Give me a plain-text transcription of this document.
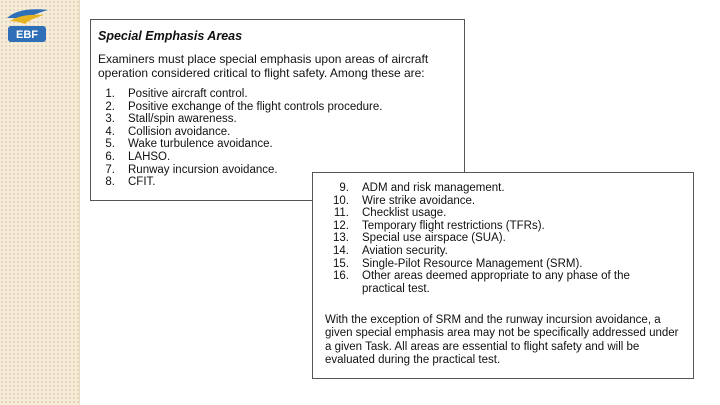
EBF	Special Emphasis Areas
Examiners must place special emphasis upon areas of aircraft operation considered critical to flight safety. Among these are:
1. Positive aircraft control.
2. Positive exchange of the flight controls procedure.
3. Stall/spin awareness.
4. Collision avoidance.
5. Wake turbulence avoidance.
6. LAHSO.
7. Runway incursion avoidance.
8. CFIT.	9. ADM and risk management.
10. Wire strike avoidance.
11. Checklist usage.
12. Temporary flight restrictions (TFRs).
13. Special use airspace (SUA).
14. Aviation security.
15. Single-Pilot Resource Management (SRM).
16. Other areas deemed appropriate to any phase of the practical test.
With the exception of SRM and the runway incursion avoidance, a given special emphasis area may not be specifically addressed under a given Task. All areas are essential to flight safety and will be evaluated during the practical test.
